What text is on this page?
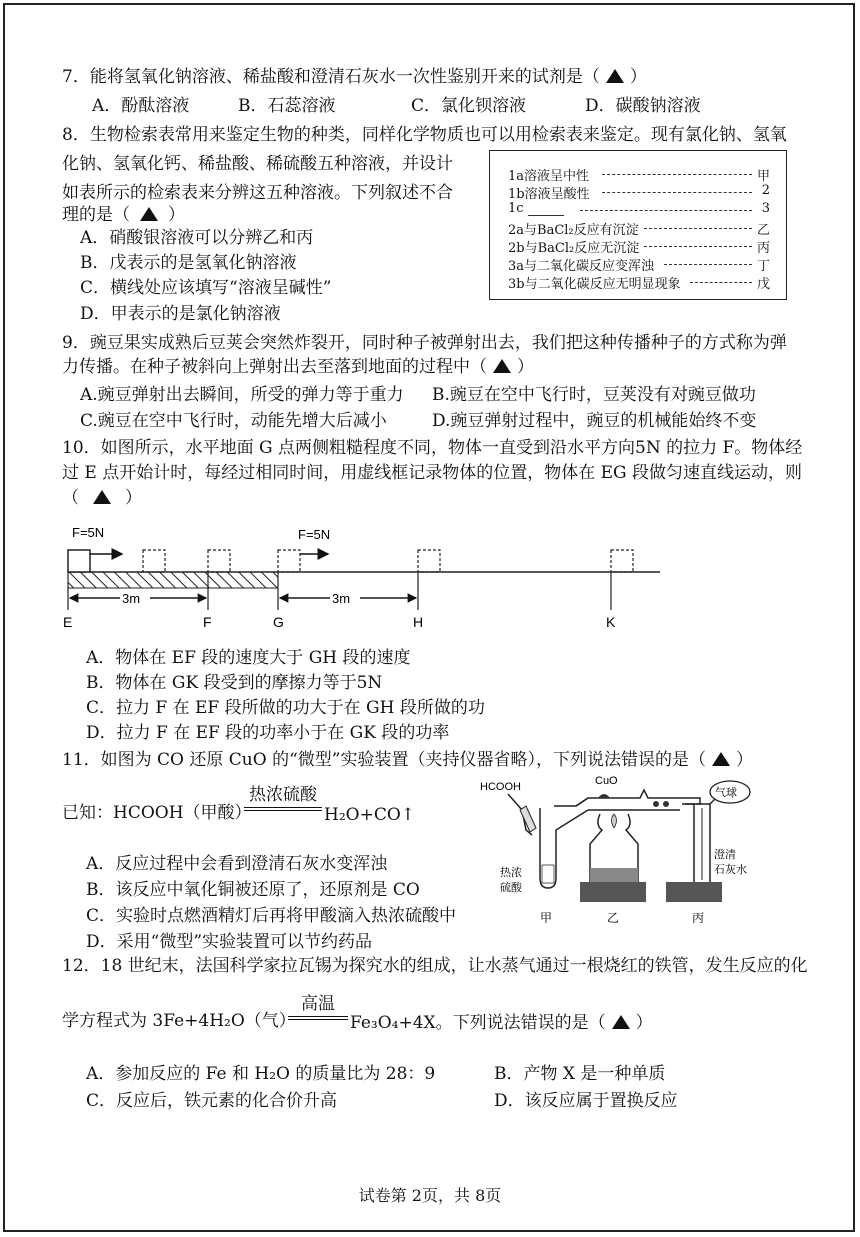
7．能将氢氧化钠溶液、稀盐酸和澄清石灰水一次性鉴别开来的试剂是（ ）
A．酚酞溶液	B．石蕊溶液	C．氯化钡溶液	D．碳酸钠溶液
8．生物检索表常用来鉴定生物的种类，同样化学物质也可以用检索表来鉴定。现有氯化钠、氢氧
化钠、氢氧化钙、稀盐酸、稀硫酸五种溶液，并设计
如表所示的检索表来分辨这五种溶液。下列叙述不合
理的是（ ）
A．硝酸银溶液可以分辨乙和丙
B．戊表示的是氢氧化钠溶液
C．横线处应该填写“溶液呈碱性”
D．甲表示的是氯化钠溶液
1a溶液呈中性	甲
1b溶液呈酸性	2
1c	3
2a与BaCl₂反应有沉淀	乙
2b与BaCl₂反应无沉淀	丙
3a与二氧化碳反应变浑浊	丁
3b与二氧化碳反应无明显现象	戊
9．豌豆果实成熟后豆荚会突然炸裂开，同时种子被弹射出去，我们把这种传播种子的方式称为弹
力传播。在种子被斜向上弹射出去至落到地面的过程中（ ）
A.豌豆弹射出去瞬间，所受的弹力等于重力 B.豌豆在空中飞行时，豆荚没有对豌豆做功
C.豌豆在空中飞行时，动能先增大后减小	D.豌豆弹射过程中，豌豆的机械能始终不变
10．如图所示，水平地面 G 点两侧粗糙程度不同，物体一直受到沿水平方向5N 的拉力 F。物体经
过 E 点开始计时，每经过相同时间，用虚线框记录物体的位置，物体在 EG 段做匀速直线运动，则
（	）
F=5N	F=5N
3m	3m
E	F	G	H	K
A．物体在 EF 段的速度大于 GH 段的速度
B．物体在 GK 段受到的摩擦力等于5N
C．拉力 F 在 EF 段所做的功大于在 GH 段所做的功
D．拉力 F 在 EF 段的功率小于在 GK 段的功率
11．如图为 CO 还原 CuO 的“微型”实验装置（夹持仪器省略），下列说法错误的是（ ）
已知：HCOOH（甲酸）
热浓硫酸
H₂O+CO↑
A．反应过程中会看到澄清石灰水变浑浊
B．该反应中氧化铜被还原了，还原剂是 CO
C．实验时点燃酒精灯后再将甲酸滴入热浓硫酸中
D．采用“微型”实验装置可以节约药品
HCOOH	CuO
气球
澄清
石灰水
热浓
硫酸
甲	乙	丙
12．18 世纪末，法国科学家拉瓦锡为探究水的组成，让水蒸气通过一根烧红的铁管，发生反应的化
学方程式为 3Fe+4H₂O（气）
高温
Fe₃O₄+4X。下列说法错误的是（ ）
A．参加反应的 Fe 和 H₂O 的质量比为 28：9	B．产物 X 是一种单质
C．反应后，铁元素的化合价升高	D．该反应属于置换反应
试卷第 2页，共 8页
